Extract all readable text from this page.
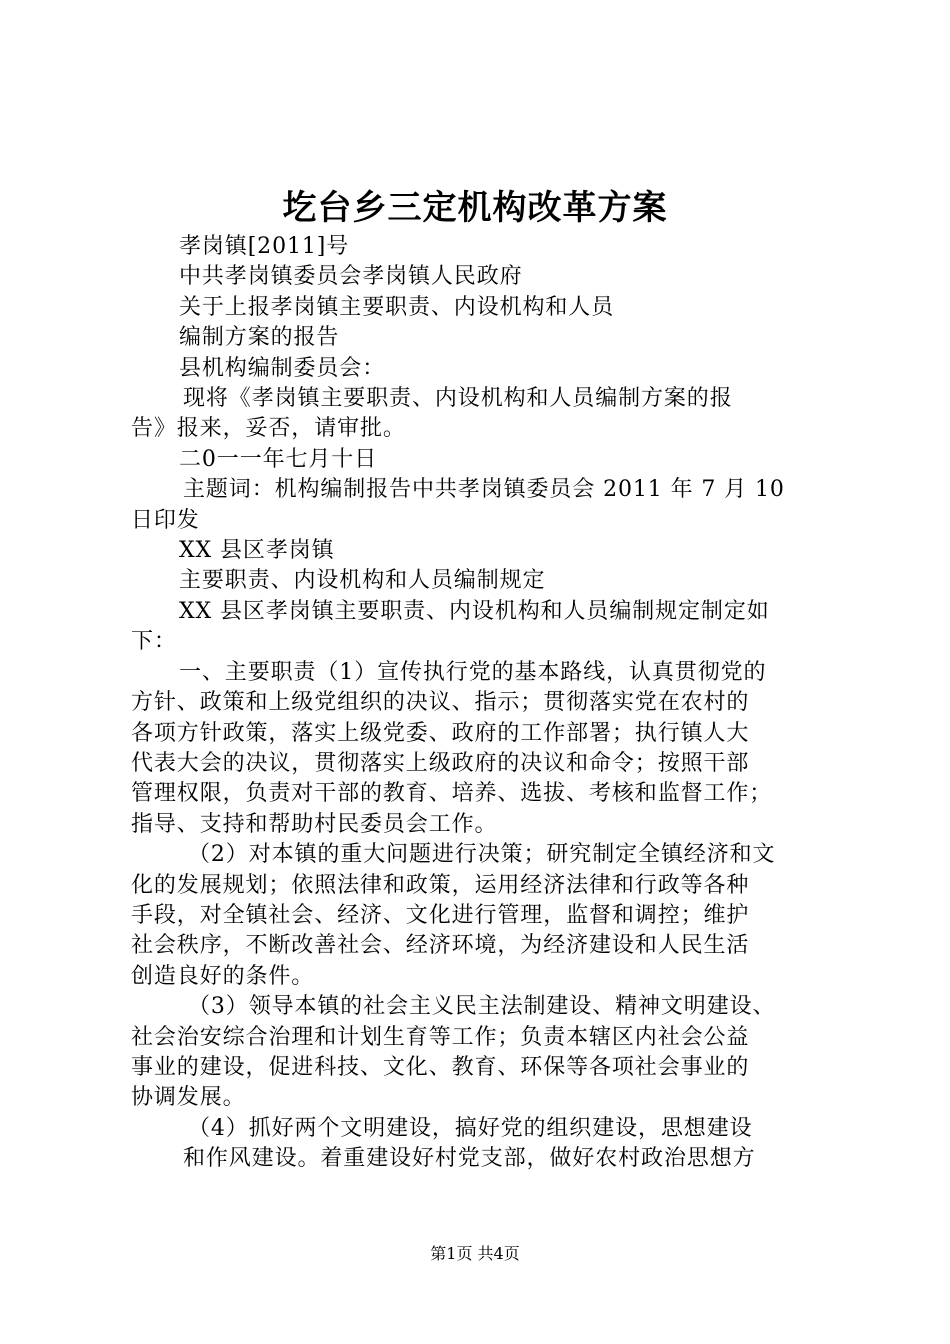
圪台乡三定机构改革方案

孝岗镇[2011]号

中共孝岗镇委员会孝岗镇人民政府

关于上报孝岗镇主要职责、内设机构和人员

编制方案的报告

县机构编制委员会：

现将《孝岗镇主要职责、内设机构和人员编制方案的报

告》报来，妥否，请审批。

二0一一年七月十日

主题词：机构编制报告中共孝岗镇委员会 2011 年 7 月 10

日印发

XX 县区孝岗镇

主要职责、内设机构和人员编制规定

XX 县区孝岗镇主要职责、内设机构和人员编制规定制定如

下：

一、主要职责（1）宣传执行党的基本路线，认真贯彻党的

方针、政策和上级党组织的决议、指示；贯彻落实党在农村的

各项方针政策，落实上级党委、政府的工作部署；执行镇人大

代表大会的决议，贯彻落实上级政府的决议和命令；按照干部

管理权限，负责对干部的教育、培养、选拔、考核和监督工作；

指导、支持和帮助村民委员会工作。

（2）对本镇的重大问题进行决策；研究制定全镇经济和文

化的发展规划；依照法律和政策，运用经济法律和行政等各种

手段，对全镇社会、经济、文化进行管理，监督和调控；维护

社会秩序，不断改善社会、经济环境，为经济建设和人民生活

创造良好的条件。

（3）领导本镇的社会主义民主法制建设、精神文明建设、

社会治安综合治理和计划生育等工作；负责本辖区内社会公益

事业的建设，促进科技、文化、教育、环保等各项社会事业的

协调发展。

（4）抓好两个文明建设，搞好党的组织建设，思想建设

和作风建设。着重建设好村党支部，做好农村政治思想方

第1页 共4页
